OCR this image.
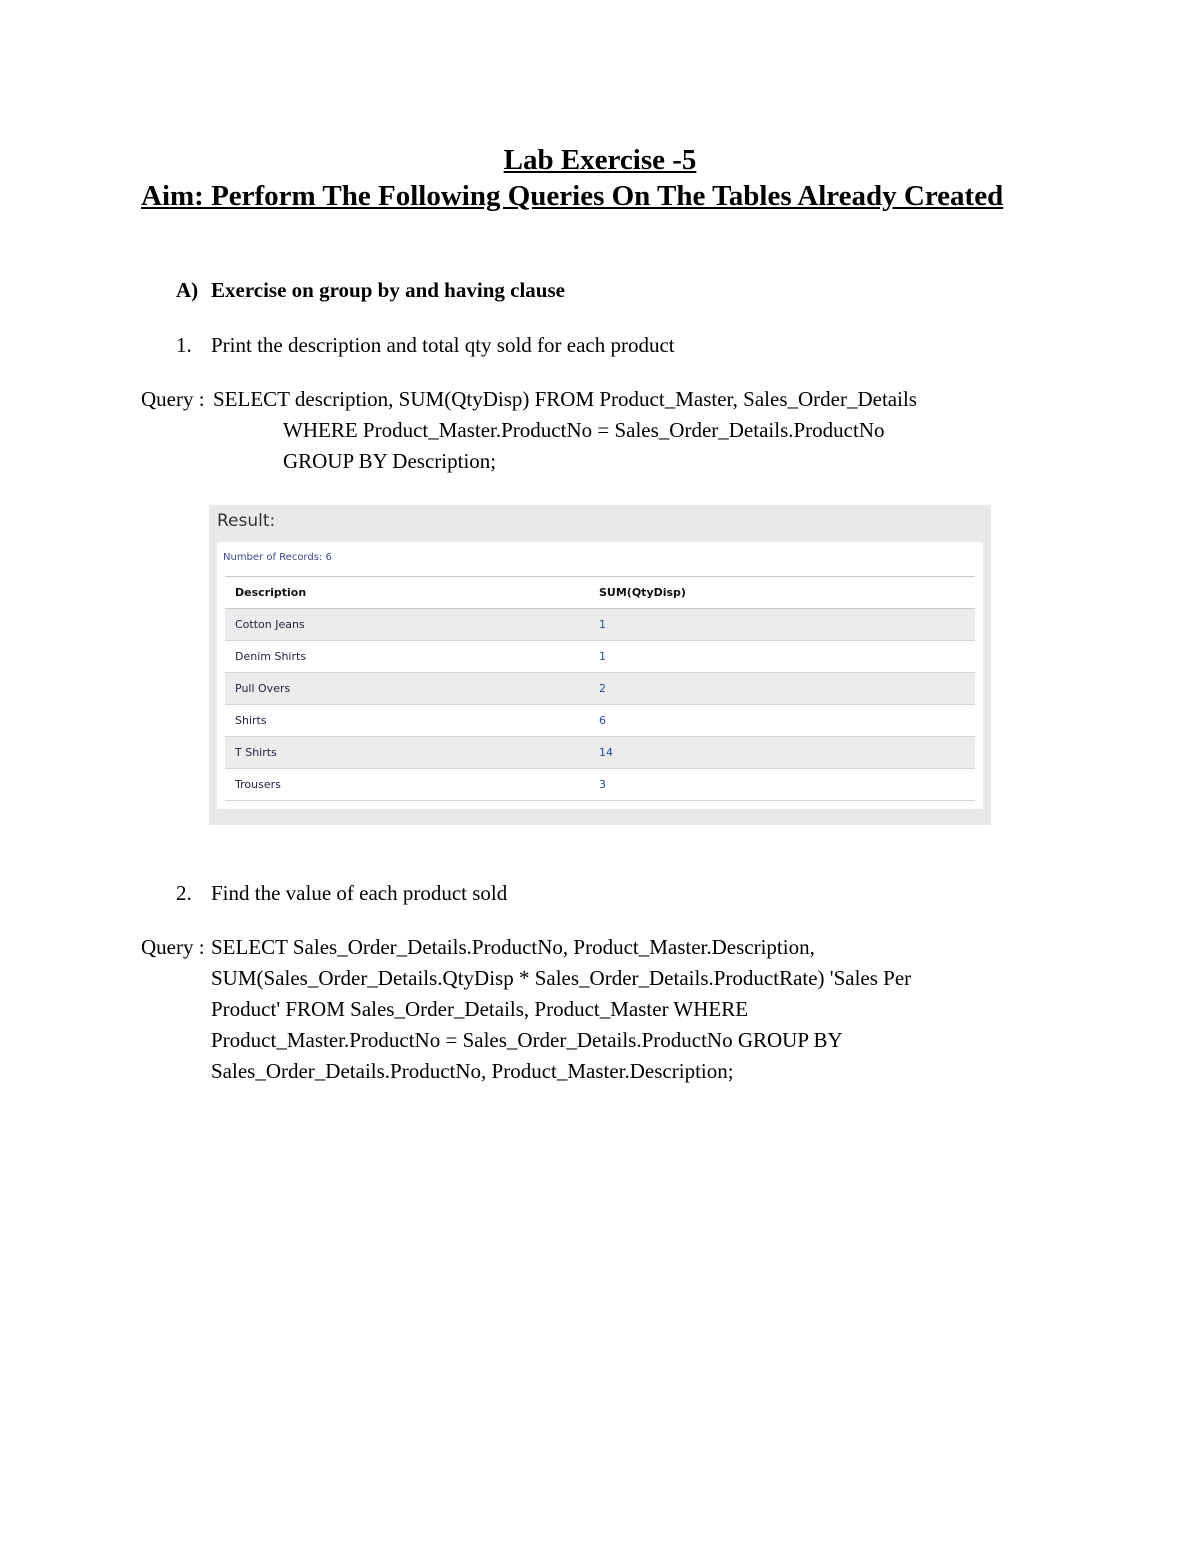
Lab Exercise -5
Aim: Perform The Following Queries On The Tables Already Created
A) Exercise on group by and having clause
1. Print the description and total qty sold for each product
Query : SELECT description, SUM(QtyDisp) FROM Product_Master, Sales_Order_Details
WHERE Product_Master.ProductNo = Sales_Order_Details.ProductNo
GROUP BY Description;
Result:
Number of Records: 6
Description	SUM(QtyDisp)
Cotton Jeans	1
Denim Shirts	1
Pull Overs	2
Shirts	6
T Shirts	14
Trousers	3
2. Find the value of each product sold
Query : SELECT Sales_Order_Details.ProductNo, Product_Master.Description,
SUM(Sales_Order_Details.QtyDisp * Sales_Order_Details.ProductRate) 'Sales Per
Product' FROM Sales_Order_Details, Product_Master WHERE
Product_Master.ProductNo = Sales_Order_Details.ProductNo GROUP BY
Sales_Order_Details.ProductNo, Product_Master.Description;
